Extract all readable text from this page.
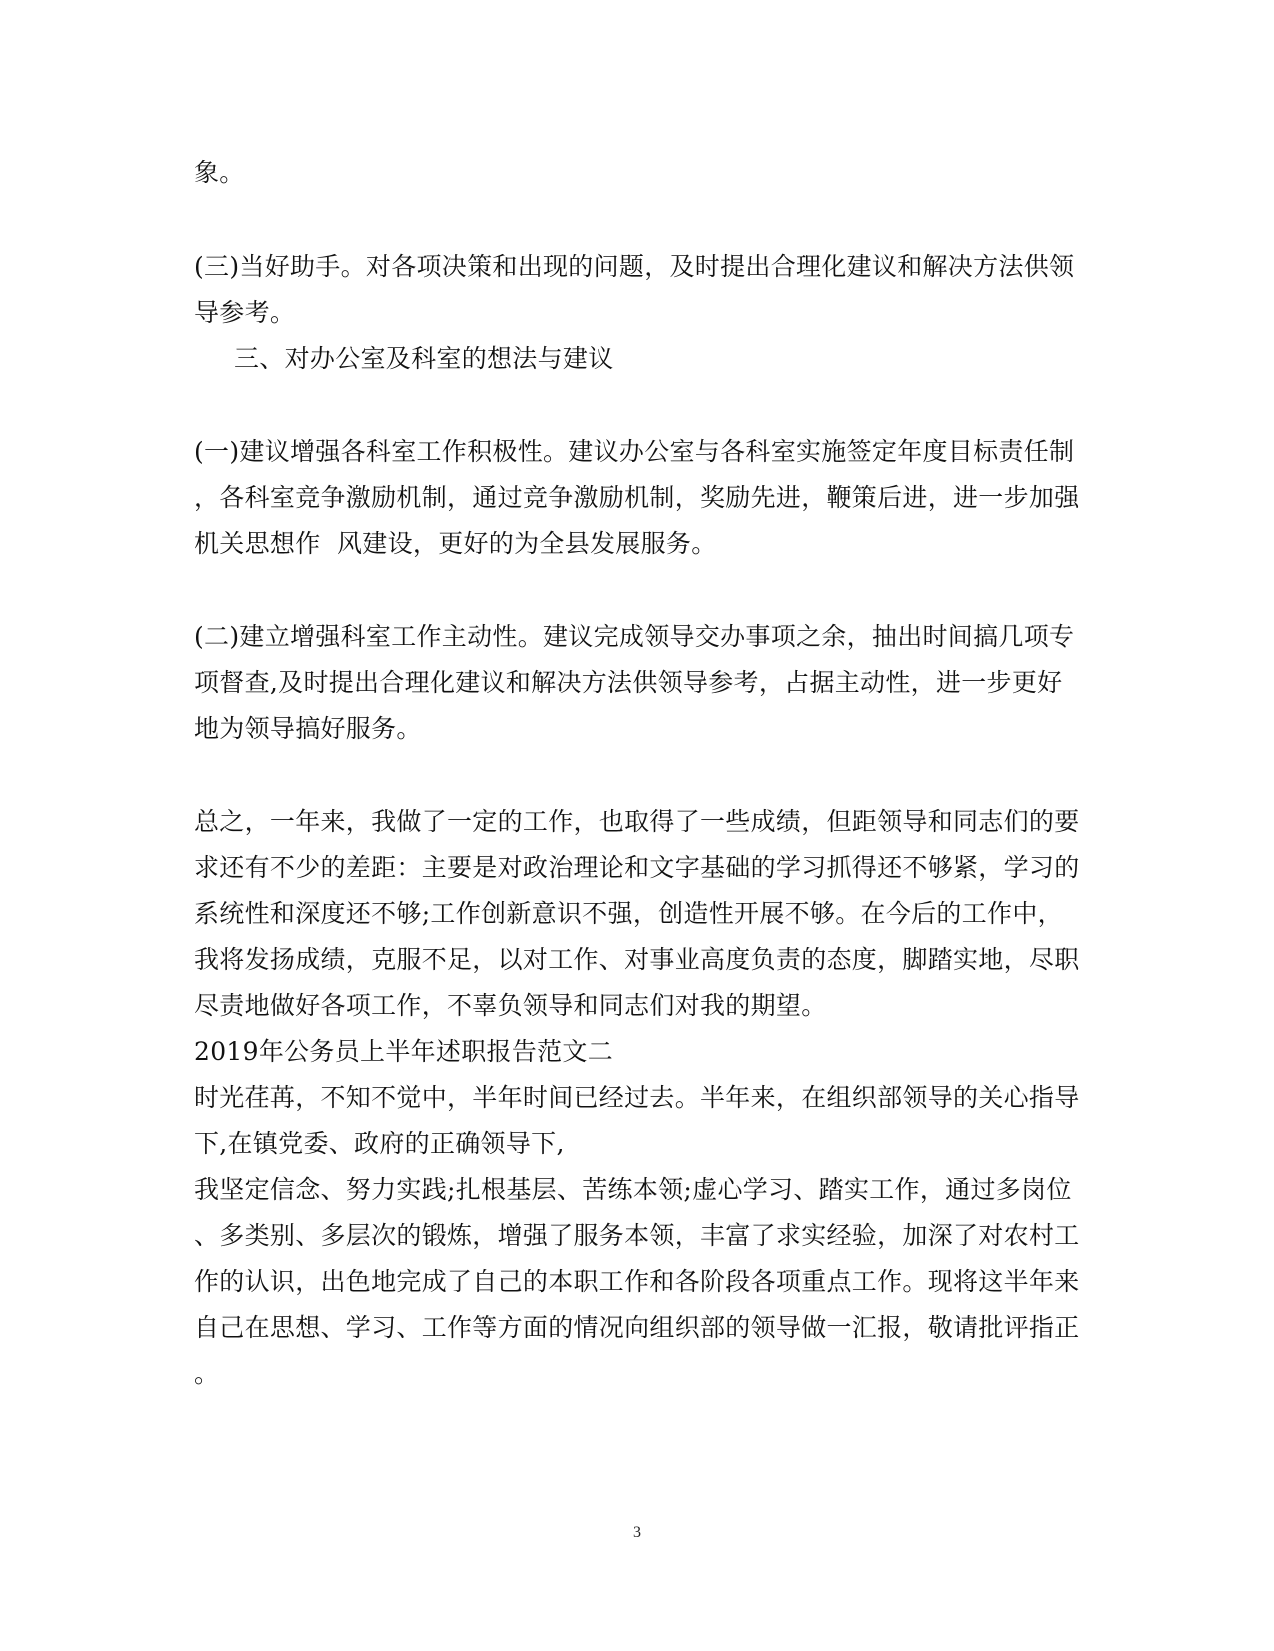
象。
(三)当好助手。对各项决策和出现的问题，及时提出合理化建议和解决方法供领
导参考。
三、对办公室及科室的想法与建议
(一)建议增强各科室工作积极性。建议办公室与各科室实施签定年度目标责任制
，各科室竞争激励机制，通过竞争激励机制，奖励先进，鞭策后进，进一步加强
机关思想作  风建设，更好的为全县发展服务。
(二)建立增强科室工作主动性。建议完成领导交办事项之余，抽出时间搞几项专
项督查,及时提出合理化建议和解决方法供领导参考，占据主动性，进一步更好
地为领导搞好服务。
总之，一年来，我做了一定的工作，也取得了一些成绩，但距领导和同志们的要
求还有不少的差距：主要是对政治理论和文字基础的学习抓得还不够紧，学习的
系统性和深度还不够;工作创新意识不强，创造性开展不够。在今后的工作中，
我将发扬成绩，克服不足，以对工作、对事业高度负责的态度，脚踏实地，尽职
尽责地做好各项工作，不辜负领导和同志们对我的期望。
2019年公务员上半年述职报告范文二
时光荏苒，不知不觉中，半年时间已经过去。半年来，在组织部领导的关心指导
下,在镇党委、政府的正确领导下,
我坚定信念、努力实践;扎根基层、苦练本领;虚心学习、踏实工作，通过多岗位
、多类别、多层次的锻炼，增强了服务本领，丰富了求实经验，加深了对农村工
作的认识，出色地完成了自己的本职工作和各阶段各项重点工作。现将这半年来
自己在思想、学习、工作等方面的情况向组织部的领导做一汇报，敬请批评指正
。
3
